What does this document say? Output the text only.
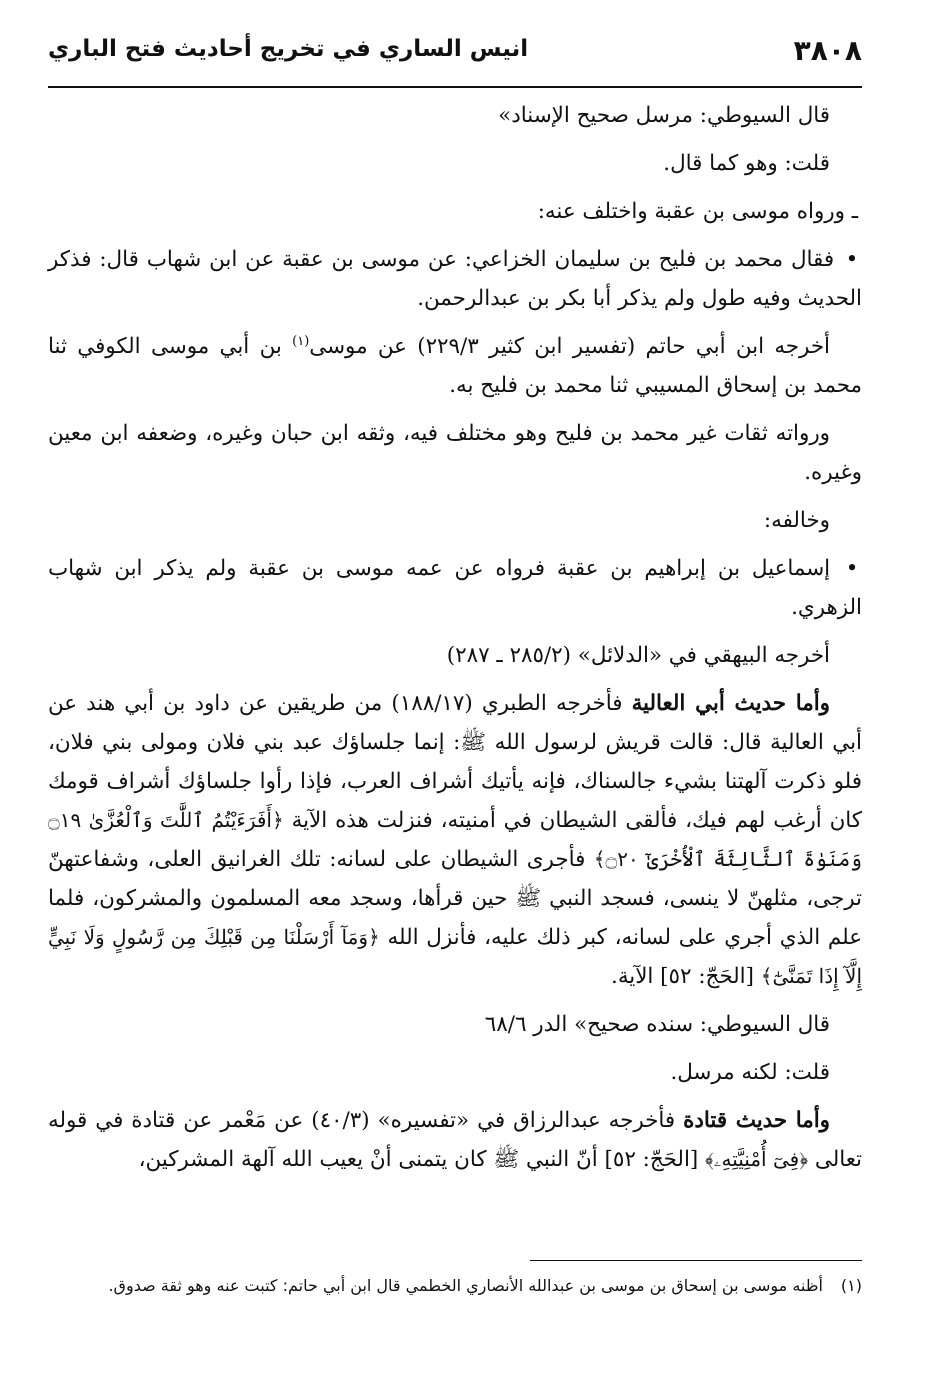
٣٨٠٨
انيس الساري في تخريج أحاديث فتح الباري

قال السيوطي: مرسل صحيح الإسناد»

قلت: وهو كما قال.

ـ ورواه موسى بن عقبة واختلف عنه:

• فقال محمد بن فليح بن سليمان الخزاعي: عن موسى بن عقبة عن ابن شهاب قال: فذكر الحديث وفيه طول ولم يذكر أبا بكر بن عبدالرحمن.

أخرجه ابن أبي حاتم (تفسير ابن كثير ٢٢٩/٣) عن موسى$^{(١)}$ بن أبي موسى الكوفي ثنا محمد بن إسحاق المسيبي ثنا محمد بن فليح به.

ورواته ثقات غير محمد بن فليح وهو مختلف فيه، وثقه ابن حبان وغيره، وضعفه ابن معين وغيره.

وخالفه:

• إسماعيل بن إبراهيم بن عقبة فرواه عن عمه موسى بن عقبة ولم يذكر ابن شهاب الزهري.

أخرجه البيهقي في «الدلائل» (٢٨٥/٢ ـ ٢٨٧)

وأما حديث أبي العالية فأخرجه الطبري (١٨٨/١٧) من طريقين عن داود بن أبي هند عن أبي العالية قال: قالت قريش لرسول الله ﷺ: إنما جلساؤك عبد بني فلان ومولى بني فلان، فلو ذكرت آلهتنا بشيء جالسناك، فإنه يأتيك أشراف العرب، فإذا رأوا جلساؤك أشراف قومك كان أرغب لهم فيك، فألقى الشيطان في أمنيته، فنزلت هذه الآية ﴿أَفَرَءَيْتُمُ ٱللَّٰتَ وَٱلْعُزَّىٰ ۝١٩ وَمَنَوٰةَ ٱلثَّالِثَةَ ٱلْأُخْرَىٰٓ ۝٢٠﴾ فأجرى الشيطان على لسانه: تلك الغرانيق العلى، وشفاعتهنّ ترجى، مثلهنّ لا ينسى، فسجد النبي ﷺ حين قرأها، وسجد معه المسلمون والمشركون، فلما علم الذي أجري على لسانه، كبر ذلك عليه، فأنزل الله ﴿وَمَآ أَرْسَلْنَا مِن قَبْلِكَ مِن رَّسُولٍ وَلَا نَبِيٍّ إِلَّآ إِذَا تَمَنَّىٰٓ﴾ [الحَجّ: ٥٢] الآية.

قال السيوطي: سنده صحيح» الدر ٦٨/٦

قلت: لكنه مرسل.

وأما حديث قتادة فأخرجه عبدالرزاق في «تفسيره» (٤٠/٣) عن مَعْمر عن قتادة في قوله تعالى ﴿فِىٓ أُمْنِيَّتِهِۦ﴾ [الحَجّ: ٥٢] أنّ النبي ﷺ كان يتمنى أنْ يعيب الله آلهة المشركين،

(١)أظنه موسى بن إسحاق بن موسى بن عبدالله الأنصاري الخطمي قال ابن أبي حاتم: كتبت عنه وهو ثقة صدوق.
